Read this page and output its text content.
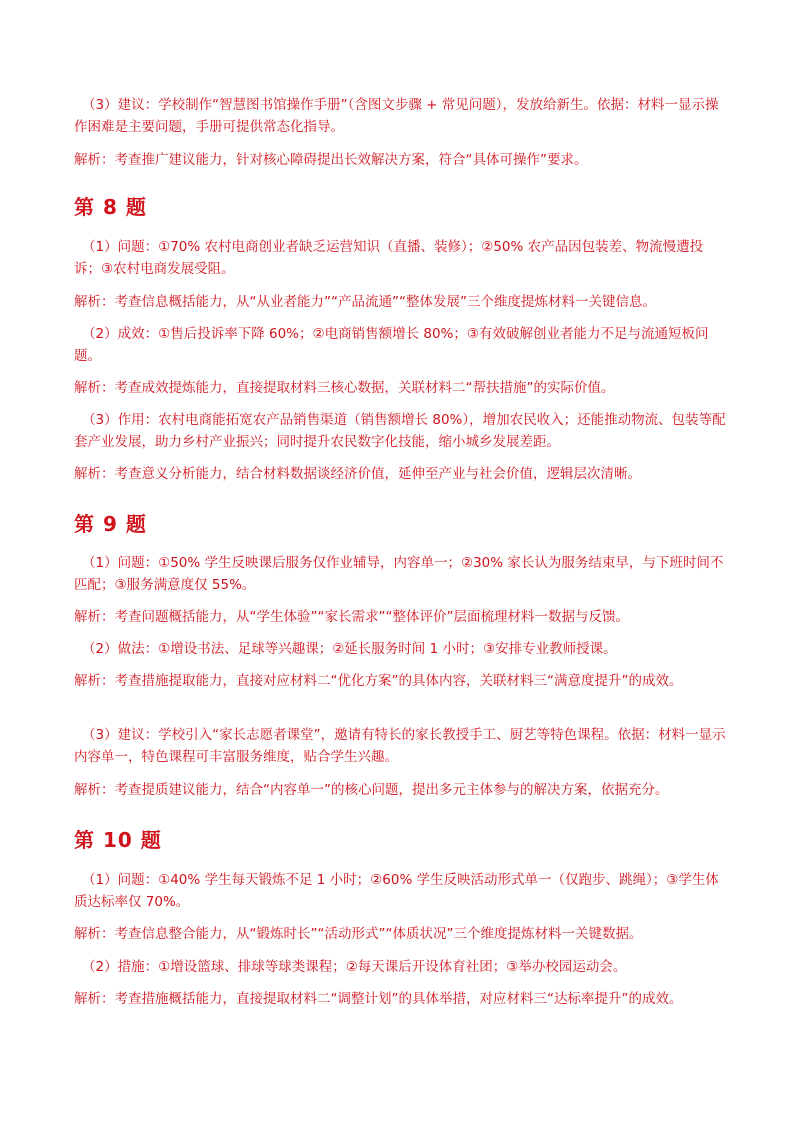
（3）建议：学校制作“智慧图书馆操作手册”（含图文步骤 + 常见问题），发放给新生。依据：材料一显示操作困难是主要问题，手册可提供常态化指导。

解析：考查推广建议能力，针对核心障碍提出长效解决方案，符合“具体可操作”要求。

第 8 题

（1）问题：①70% 农村电商创业者缺乏运营知识（直播、装修）；②50% 农产品因包装差、物流慢遭投诉；③农村电商发展受阻。

解析：考查信息概括能力，从“从业者能力”“产品流通”“整体发展”三个维度提炼材料一关键信息。

（2）成效：①售后投诉率下降 60%；②电商销售额增长 80%；③有效破解创业者能力不足与流通短板问题。

解析：考查成效提炼能力，直接提取材料三核心数据，关联材料二“帮扶措施”的实际价值。

（3）作用：农村电商能拓宽农产品销售渠道（销售额增长 80%），增加农民收入；还能推动物流、包装等配套产业发展，助力乡村产业振兴；同时提升农民数字化技能，缩小城乡发展差距。

解析：考查意义分析能力，结合材料数据谈经济价值，延伸至产业与社会价值，逻辑层次清晰。

第 9 题

（1）问题：①50% 学生反映课后服务仅作业辅导，内容单一；②30% 家长认为服务结束早，与下班时间不匹配；③服务满意度仅 55%。

解析：考查问题概括能力，从“学生体验”“家长需求”“整体评价”层面梳理材料一数据与反馈。

（2）做法：①增设书法、足球等兴趣课；②延长服务时间 1 小时；③安排专业教师授课。

解析：考查措施提取能力，直接对应材料二“优化方案”的具体内容，关联材料三“满意度提升”的成效。

（3）建议：学校引入“家长志愿者课堂”，邀请有特长的家长教授手工、厨艺等特色课程。依据：材料一显示内容单一，特色课程可丰富服务维度，贴合学生兴趣。

解析：考查提质建议能力，结合“内容单一”的核心问题，提出多元主体参与的解决方案，依据充分。

第 10 题

（1）问题：①40% 学生每天锻炼不足 1 小时；②60% 学生反映活动形式单一（仅跑步、跳绳）；③学生体质达标率仅 70%。

解析：考查信息整合能力，从“锻炼时长”“活动形式”“体质状况”三个维度提炼材料一关键数据。

（2）措施：①增设篮球、排球等球类课程；②每天课后开设体育社团；③举办校园运动会。

解析：考查措施概括能力，直接提取材料二“调整计划”的具体举措，对应材料三“达标率提升”的成效。
